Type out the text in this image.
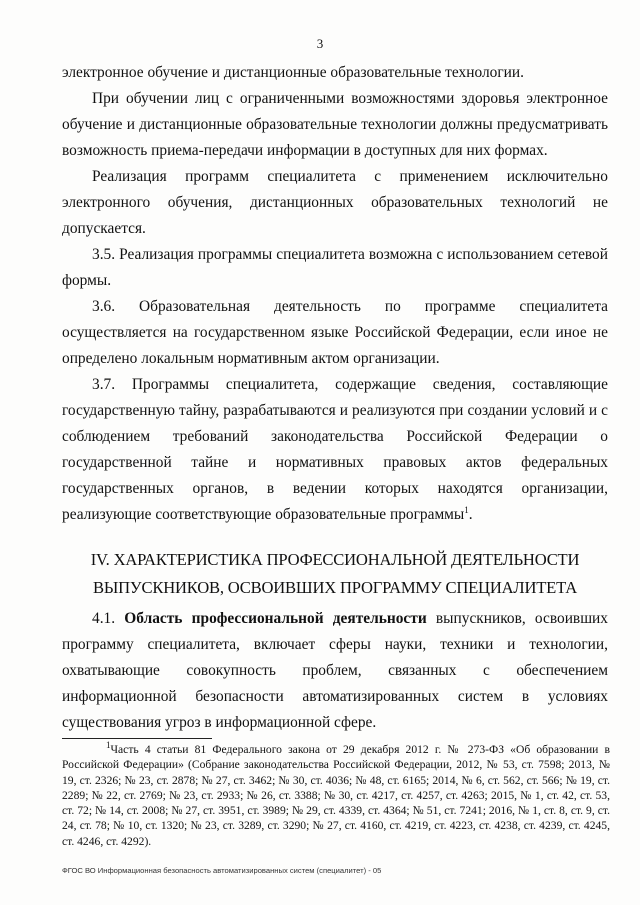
3

электронное обучение и дистанционные образовательные технологии.

При обучении лиц с ограниченными возможностями здоровья электронное обучение и дистанционные образовательные технологии должны предусматривать возможность приема-передачи информации в доступных для них формах.

Реализация программ специалитета с применением исключительно электронного обучения, дистанционных образовательных технологий не допускается.

3.5. Реализация программы специалитета возможна с использованием сетевой формы.

3.6. Образовательная деятельность по программе специалитета осуществляется на государственном языке Российской Федерации, если иное не определено локальным нормативным актом организации.

3.7. Программы специалитета, содержащие сведения, составляющие государственную тайну, разрабатываются и реализуются при создании условий и с соблюдением требований законодательства Российской Федерации о государственной тайне и нормативных правовых актов федеральных государственных органов, в ведении которых находятся организации, реализующие соответствующие образовательные программы$^1$.

IV. ХАРАКТЕРИСТИКА ПРОФЕССИОНАЛЬНОЙ ДЕЯТЕЛЬНОСТИ
ВЫПУСКНИКОВ, ОСВОИВШИХ ПРОГРАММУ СПЕЦИАЛИТЕТА

4.1. Область профессиональной деятельности выпускников, освоивших программу специалитета, включает сферы науки, техники и технологии, охватывающие совокупность проблем, связанных с обеспечением информационной безопасности автоматизированных систем в условиях существования угроз в информационной сфере.

$^1$Часть 4 статьи 81 Федерального закона от 29 декабря 2012 г. № 273-ФЗ «Об образовании в Российской Федерации» (Собрание законодательства Российской Федерации, 2012, № 53, ст. 7598; 2013, № 19, ст. 2326; № 23, ст. 2878; № 27, ст. 3462; № 30, ст. 4036; № 48, ст. 6165; 2014, № 6, ст. 562, ст. 566; № 19, ст. 2289; № 22, ст. 2769; № 23, ст. 2933; № 26, ст. 3388; № 30, ст. 4217, ст. 4257, ст. 4263; 2015, № 1, ст. 42, ст. 53, ст. 72; № 14, ст. 2008; № 27, ст. 3951, ст. 3989; № 29, ст. 4339, ст. 4364; № 51, ст. 7241; 2016, № 1, ст. 8, ст. 9, ст. 24, ст. 78; № 10, ст. 1320; № 23, ст. 3289, ст. 3290; № 27, ст. 4160, ст. 4219, ст. 4223, ст. 4238, ст. 4239, ст. 4245, ст. 4246, ст. 4292).

ФГОС ВО Информационная безопасность автоматизированных систем (специалитет) - 05
